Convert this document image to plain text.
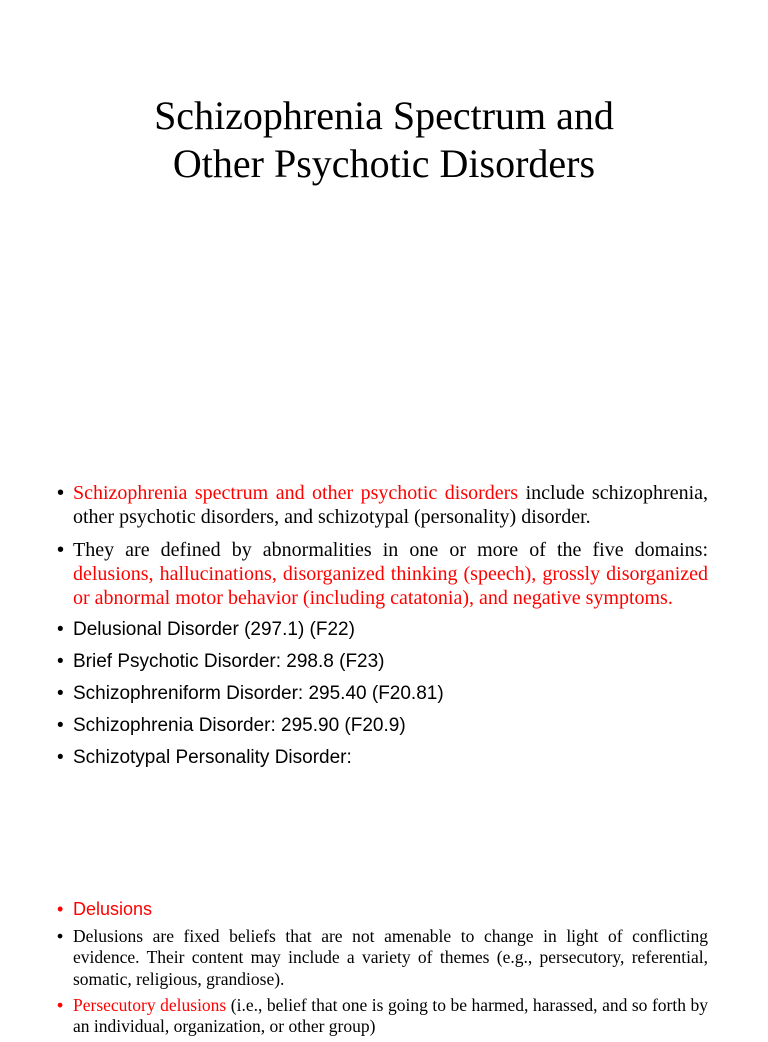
Schizophrenia Spectrum and
Other Psychotic Disorders
• Schizophrenia spectrum and other psychotic disorders include schizophrenia, other psychotic disorders, and schizotypal (personality) disorder.
• They are defined by abnormalities in one or more of the five domains: delusions, hallucinations, disorganized thinking (speech), grossly disorganized or abnormal motor behavior (including catatonia), and negative symptoms.
• Delusional Disorder (297.1) (F22)
• Brief Psychotic Disorder: 298.8 (F23)
• Schizophreniform Disorder: 295.40 (F20.81)
• Schizophrenia Disorder: 295.90 (F20.9)
• Schizotypal Personality Disorder:
• Delusions
• Delusions are fixed beliefs that are not amenable to change in light of conflicting evidence. Their content may include a variety of themes (e.g., persecutory, referential, somatic, religious, grandiose).
• Persecutory delusions (i.e., belief that one is going to be harmed, harassed, and so forth by an individual, organization, or other group)
